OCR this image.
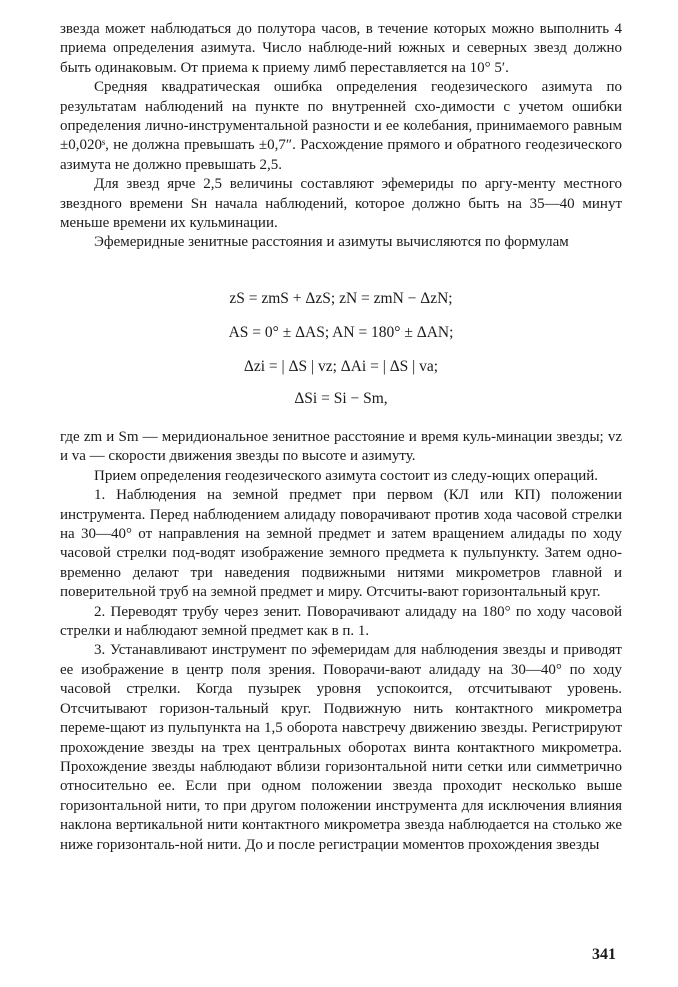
звезда может наблюдаться до полутора часов, в течение которых можно выполнить 4 приема определения азимута. Число наблюде-ний южных и северных звезд должно быть одинаковым. От приема к приему лимб переставляется на 10° 5′.

Средняя квадратическая ошибка определения геодезического азимута по результатам наблюдений на пункте по внутренней схо-димости с учетом ошибки определения лично-инструментальной разности и ее колебания, принимаемого равным ±0,020ˢ, не должна превышать ±0,7″. Расхождение прямого и обратного геодезического азимута не должно превышать 2,5.

Для звезд ярче 2,5 величины составляют эфемериды по аргу-менту местного звездного времени Sн начала наблюдений, которое должно быть на 35—40 минут меньше времени их кульминации.

Эфемеридные зенитные расстояния и азимуты вычисляются по формулам

zS = zmS + ΔzS; zN = zmN − ΔzN;
AS = 0° ± ΔAS; AN = 180° ± ΔAN;
Δzi = | ΔS | vz; ΔAi = | ΔS | va;
ΔSi = Si − Sm,

где zm и Sm — меридиональное зенитное расстояние и время куль-минации звезды; vz и va — скорости движения звезды по высоте и азимуту.

Прием определения геодезического азимута состоит из следу-ющих операций.

1. Наблюдения на земной предмет при первом (КЛ или КП) положении инструмента. Перед наблюдением алидаду поворачивают против хода часовой стрелки на 30—40° от направления на земной предмет и затем вращением алидады по ходу часовой стрелки под-водят изображение земного предмета к пульпункту. Затем одно-временно делают три наведения подвижными нитями микрометров главной и поверительной труб на земной предмет и миру. Отсчиты-вают горизонтальный круг.

2. Переводят трубу через зенит. Поворачивают алидаду на 180° по ходу часовой стрелки и наблюдают земной предмет как в п. 1.

3. Устанавливают инструмент по эфемеридам для наблюдения звезды и приводят ее изображение в центр поля зрения. Поворачи-вают алидаду на 30—40° по ходу часовой стрелки. Когда пузырек уровня успокоится, отсчитывают уровень. Отсчитывают горизон-тальный круг. Подвижную нить контактного микрометра переме-щают из пульпункта на 1,5 оборота навстречу движению звезды. Регистрируют прохождение звезды на трех центральных оборотах винта контактного микрометра. Прохождение звезды наблюдают вблизи горизонтальной нити сетки или симметрично относительно ее. Если при одном положении звезда проходит несколько выше горизонтальной нити, то при другом положении инструмента для исключения влияния наклона вертикальной нити контактного микрометра звезда наблюдается на столько же ниже горизонталь-ной нити. До и после регистрации моментов прохождения звезды

341
